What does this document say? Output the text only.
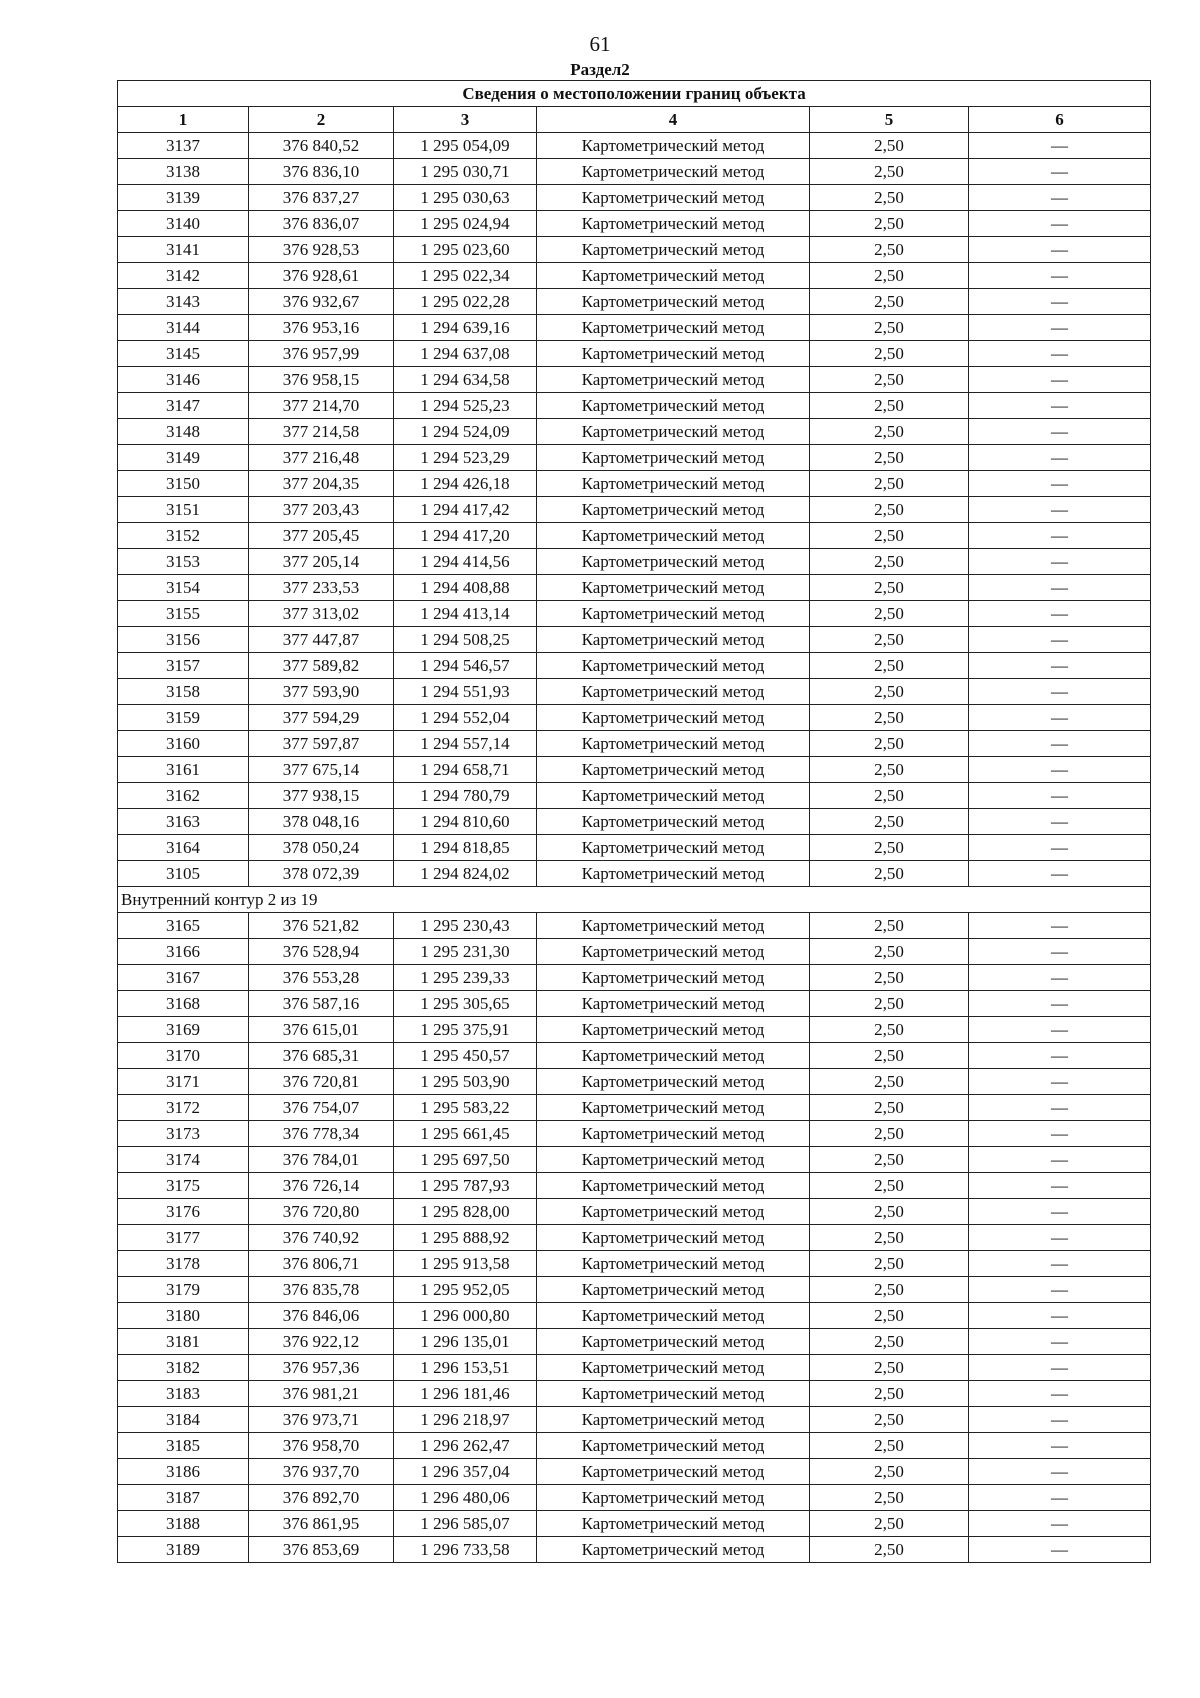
61
Раздел2
Сведения о местоположении границ объекта					
1	2	3	4	5	6
3137	376 840,52	1 295 054,09	Картометрический метод	2,50	—
3138	376 836,10	1 295 030,71	Картометрический метод	2,50	—
3139	376 837,27	1 295 030,63	Картометрический метод	2,50	—
3140	376 836,07	1 295 024,94	Картометрический метод	2,50	—
3141	376 928,53	1 295 023,60	Картометрический метод	2,50	—
3142	376 928,61	1 295 022,34	Картометрический метод	2,50	—
3143	376 932,67	1 295 022,28	Картометрический метод	2,50	—
3144	376 953,16	1 294 639,16	Картометрический метод	2,50	—
3145	376 957,99	1 294 637,08	Картометрический метод	2,50	—
3146	376 958,15	1 294 634,58	Картометрический метод	2,50	—
3147	377 214,70	1 294 525,23	Картометрический метод	2,50	—
3148	377 214,58	1 294 524,09	Картометрический метод	2,50	—
3149	377 216,48	1 294 523,29	Картометрический метод	2,50	—
3150	377 204,35	1 294 426,18	Картометрический метод	2,50	—
3151	377 203,43	1 294 417,42	Картометрический метод	2,50	—
3152	377 205,45	1 294 417,20	Картометрический метод	2,50	—
3153	377 205,14	1 294 414,56	Картометрический метод	2,50	—
3154	377 233,53	1 294 408,88	Картометрический метод	2,50	—
3155	377 313,02	1 294 413,14	Картометрический метод	2,50	—
3156	377 447,87	1 294 508,25	Картометрический метод	2,50	—
3157	377 589,82	1 294 546,57	Картометрический метод	2,50	—
3158	377 593,90	1 294 551,93	Картометрический метод	2,50	—
3159	377 594,29	1 294 552,04	Картометрический метод	2,50	—
3160	377 597,87	1 294 557,14	Картометрический метод	2,50	—
3161	377 675,14	1 294 658,71	Картометрический метод	2,50	—
3162	377 938,15	1 294 780,79	Картометрический метод	2,50	—
3163	378 048,16	1 294 810,60	Картометрический метод	2,50	—
3164	378 050,24	1 294 818,85	Картометрический метод	2,50	—
3105	378 072,39	1 294 824,02	Картометрический метод	2,50	—
Внутренний контур 2 из 19					
3165	376 521,82	1 295 230,43	Картометрический метод	2,50	—
3166	376 528,94	1 295 231,30	Картометрический метод	2,50	—
3167	376 553,28	1 295 239,33	Картометрический метод	2,50	—
3168	376 587,16	1 295 305,65	Картометрический метод	2,50	—
3169	376 615,01	1 295 375,91	Картометрический метод	2,50	—
3170	376 685,31	1 295 450,57	Картометрический метод	2,50	—
3171	376 720,81	1 295 503,90	Картометрический метод	2,50	—
3172	376 754,07	1 295 583,22	Картометрический метод	2,50	—
3173	376 778,34	1 295 661,45	Картометрический метод	2,50	—
3174	376 784,01	1 295 697,50	Картометрический метод	2,50	—
3175	376 726,14	1 295 787,93	Картометрический метод	2,50	—
3176	376 720,80	1 295 828,00	Картометрический метод	2,50	—
3177	376 740,92	1 295 888,92	Картометрический метод	2,50	—
3178	376 806,71	1 295 913,58	Картометрический метод	2,50	—
3179	376 835,78	1 295 952,05	Картометрический метод	2,50	—
3180	376 846,06	1 296 000,80	Картометрический метод	2,50	—
3181	376 922,12	1 296 135,01	Картометрический метод	2,50	—
3182	376 957,36	1 296 153,51	Картометрический метод	2,50	—
3183	376 981,21	1 296 181,46	Картометрический метод	2,50	—
3184	376 973,71	1 296 218,97	Картометрический метод	2,50	—
3185	376 958,70	1 296 262,47	Картометрический метод	2,50	—
3186	376 937,70	1 296 357,04	Картометрический метод	2,50	—
3187	376 892,70	1 296 480,06	Картометрический метод	2,50	—
3188	376 861,95	1 296 585,07	Картометрический метод	2,50	—
3189	376 853,69	1 296 733,58	Картометрический метод	2,50	—
